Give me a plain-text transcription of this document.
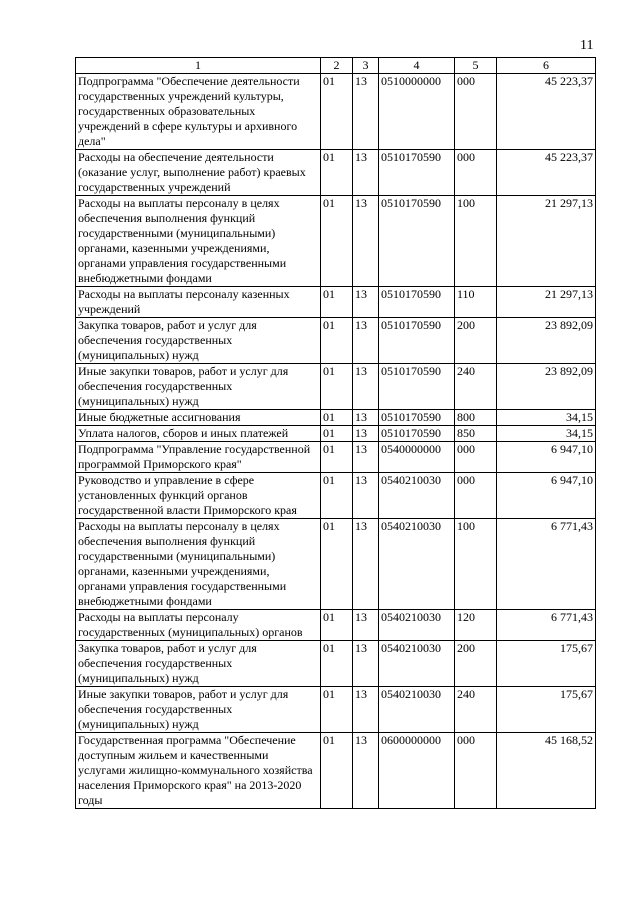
11
1	2	3	4	5	6
Подпрограмма "Обеспечение деятельности государственных учреждений культуры, государственных образовательных учреждений в сфере культуры и архивного дела"	01	13	0510000000	000	45 223,37
Расходы на обеспечение деятельности (оказание услуг, выполнение работ) краевых государственных учреждений	01	13	0510170590	000	45 223,37
Расходы на выплаты персоналу в целях обеспечения выполнения функций государственными (муниципальными) органами, казенными учреждениями, органами управления государственными внебюджетными фондами	01	13	0510170590	100	21 297,13
Расходы на выплаты персоналу казенных учреждений	01	13	0510170590	110	21 297,13
Закупка товаров, работ и услуг для обеспечения государственных (муниципальных) нужд	01	13	0510170590	200	23 892,09
Иные закупки товаров, работ и услуг для обеспечения государственных (муниципальных) нужд	01	13	0510170590	240	23 892,09
Иные бюджетные ассигнования	01	13	0510170590	800	34,15
Уплата налогов, сборов и иных платежей	01	13	0510170590	850	34,15
Подпрограмма "Управление государственной программой Приморского края"	01	13	0540000000	000	6 947,10
Руководство и управление в сфере установленных функций органов государственной власти Приморского края	01	13	0540210030	000	6 947,10
Расходы на выплаты персоналу в целях обеспечения выполнения функций государственными (муниципальными) органами, казенными учреждениями, органами управления государственными внебюджетными фондами	01	13	0540210030	100	6 771,43
Расходы на выплаты персоналу государственных (муниципальных) органов	01	13	0540210030	120	6 771,43
Закупка товаров, работ и услуг для обеспечения государственных (муниципальных) нужд	01	13	0540210030	200	175,67
Иные закупки товаров, работ и услуг для обеспечения государственных (муниципальных) нужд	01	13	0540210030	240	175,67
Государственная программа "Обеспечение доступным жильем и качественными услугами жилищно-коммунального хозяйства населения Приморского края" на 2013-2020 годы	01	13	0600000000	000	45 168,52
